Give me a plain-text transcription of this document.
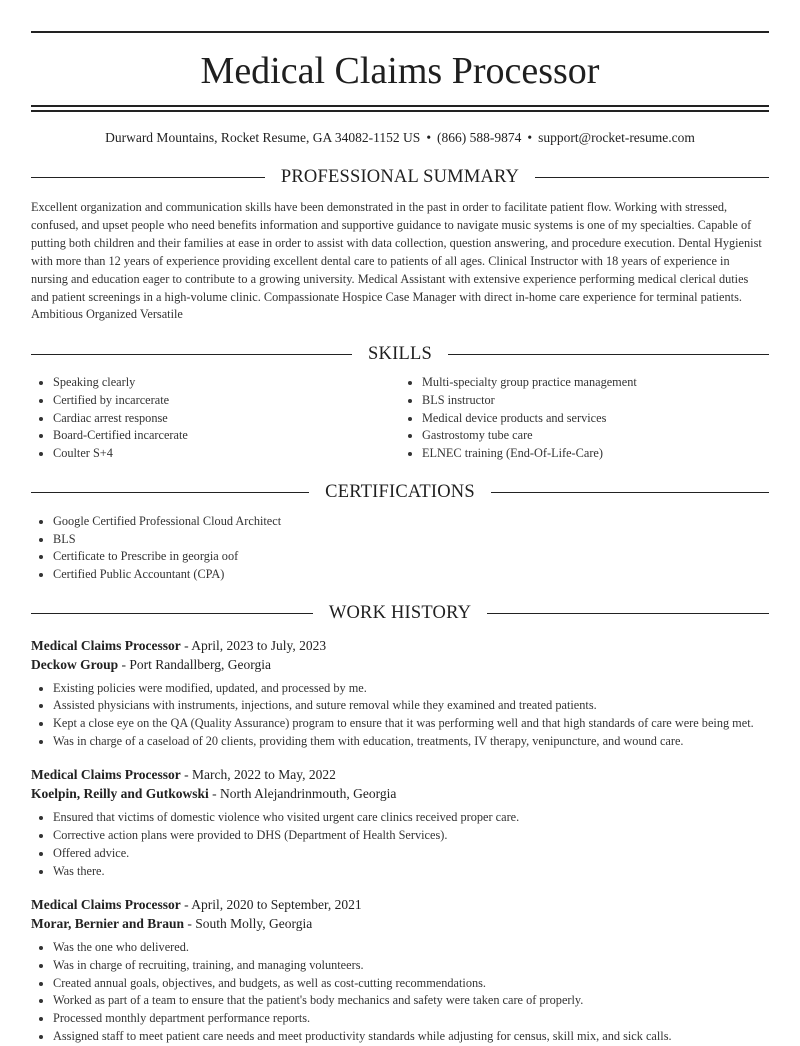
Medical Claims Processor
Durward Mountains, Rocket Resume, GA 34082-1152 US • (866) 588-9874 • support@rocket-resume.com
PROFESSIONAL SUMMARY

Excellent organization and communication skills have been demonstrated in the past in order to facilitate patient flow. Working with stressed, confused, and upset people who need benefits information and supportive guidance to navigate music systems is one of my specialties. Capable of putting both children and their families at ease in order to assist with data collection, question answering, and procedure execution. Dental Hygienist with more than 12 years of experience providing excellent dental care to patients of all ages. Clinical Instructor with 18 years of experience in nursing and education eager to contribute to a growing university. Medical Assistant with extensive experience performing medical clerical duties and patient screenings in a high-volume clinic. Compassionate Hospice Case Manager with direct in-home care experience for terminal patients. Ambitious Organized Versatile

SKILLS
• Speaking clearly
• Certified by incarcerate
• Cardiac arrest response
• Board-Certified incarcerate
• Coulter S+4
• Multi-specialty group practice management
• BLS instructor
• Medical device products and services
• Gastrostomy tube care
• ELNEC training (End-Of-Life-Care)
CERTIFICATIONS
• Google Certified Professional Cloud Architect
• BLS
• Certificate to Prescribe in georgia oof
• Certified Public Accountant (CPA)
WORK HISTORY
Medical Claims Processor - April, 2023 to July, 2023
Deckow Group - Port Randallberg, Georgia
• Existing policies were modified, updated, and processed by me.
• Assisted physicians with instruments, injections, and suture removal while they examined and treated patients.
• Kept a close eye on the QA (Quality Assurance) program to ensure that it was performing well and that high standards of care were being met.
• Was in charge of a caseload of 20 clients, providing them with education, treatments, IV therapy, venipuncture, and wound care.
Medical Claims Processor - March, 2022 to May, 2022
Koelpin, Reilly and Gutkowski - North Alejandrinmouth, Georgia
• Ensured that victims of domestic violence who visited urgent care clinics received proper care.
• Corrective action plans were provided to DHS (Department of Health Services).
• Offered advice.
• Was there.
Medical Claims Processor - April, 2020 to September, 2021
Morar, Bernier and Braun - South Molly, Georgia
• Was the one who delivered.
• Was in charge of recruiting, training, and managing volunteers.
• Created annual goals, objectives, and budgets, as well as cost-cutting recommendations.
• Worked as part of a team to ensure that the patient's body mechanics and safety were taken care of properly.
• Processed monthly department performance reports.
• Assigned staff to meet patient care needs and meet productivity standards while adjusting for census, skill mix, and sick calls.
